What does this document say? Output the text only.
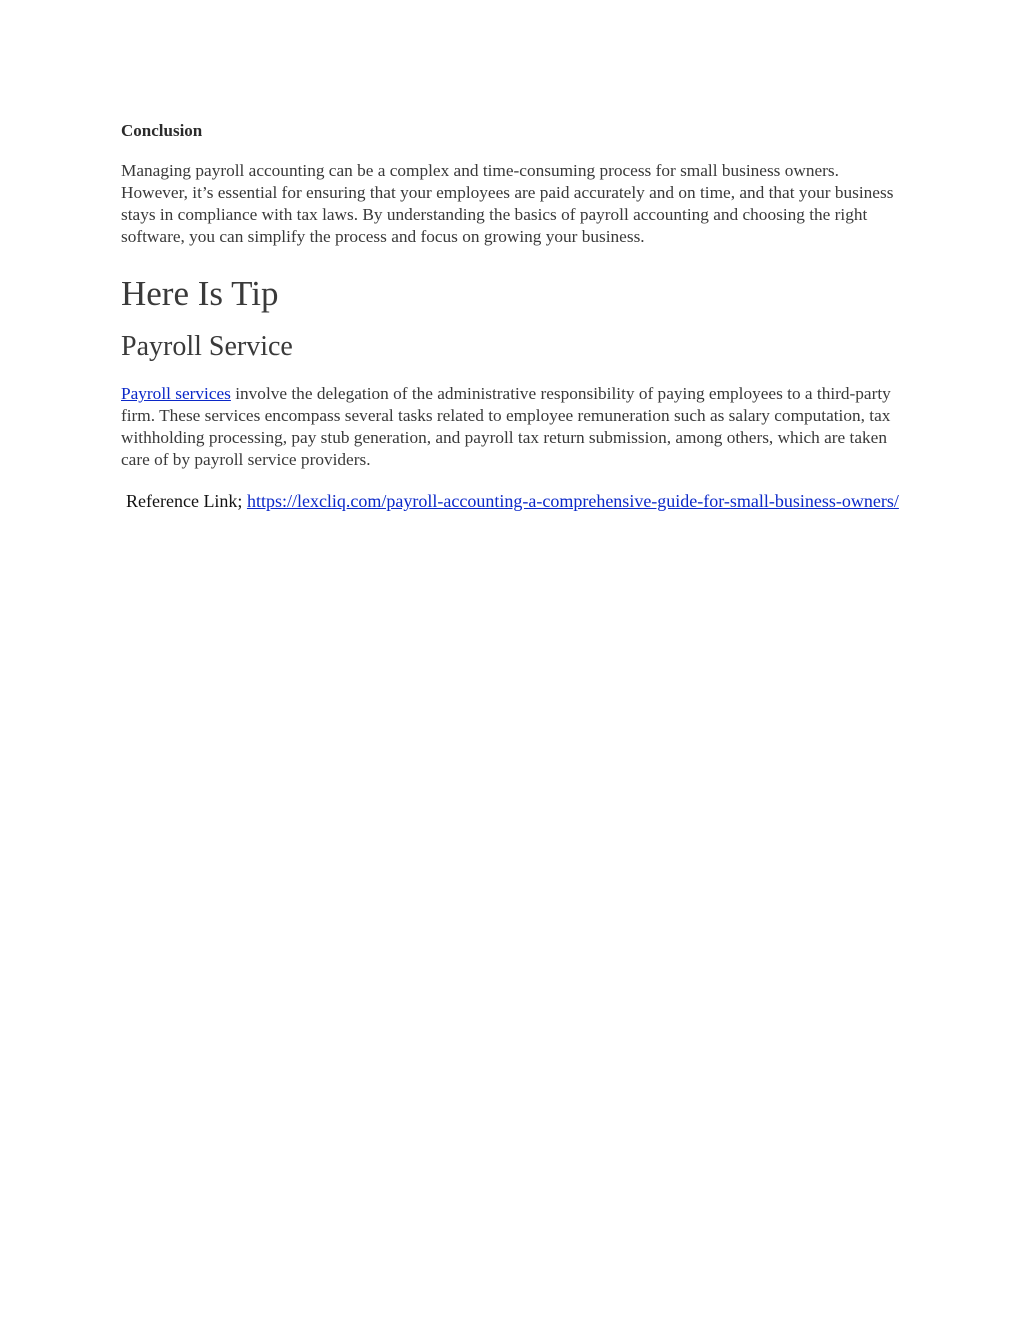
Conclusion

Managing payroll accounting can be a complex and time-consuming process for small business owners. However, it’s essential for ensuring that your employees are paid accurately and on time, and that your business stays in compliance with tax laws. By understanding the basics of payroll accounting and choosing the right software, you can simplify the process and focus on growing your business.

Here Is Tip
Payroll Service

Payroll services involve the delegation of the administrative responsibility of paying employees to a third-party firm. These services encompass several tasks related to employee remuneration such as salary computation, tax withholding processing, pay stub generation, and payroll tax return submission, among others, which are taken care of by payroll service providers.

Reference Link; https://lexcliq.com/payroll-accounting-a-comprehensive-guide-for-small-business-owners/
